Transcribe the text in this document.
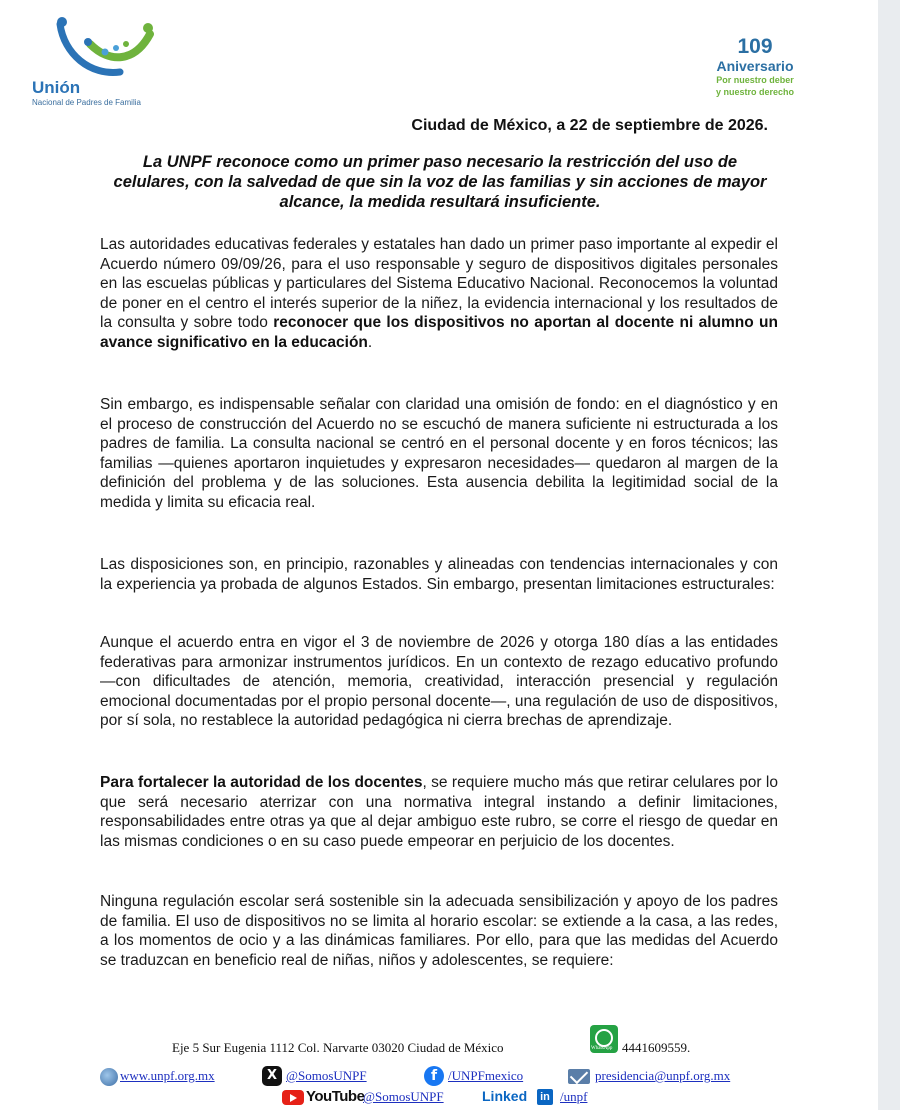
Unión
Nacional de Padres de Familia
109
Aniversario
Por nuestro deber
y nuestro derecho
Ciudad de México, a 22 de septiembre de 2026.
La UNPF reconoce como un primer paso necesario la restricción del uso de celulares, con la salvedad de que sin la voz de las familias y sin acciones de mayor alcance, la medida resultará insuficiente.
Las autoridades educativas federales y estatales han dado un primer paso importante al expedir el Acuerdo número 09/09/26, para el uso responsable y seguro de dispositivos digitales personales en las escuelas públicas y particulares del Sistema Educativo Nacional. Reconocemos la voluntad de poner en el centro el interés superior de la niñez, la evidencia internacional y los resultados de la consulta y sobre todo reconocer que los dispositivos no aportan al docente ni alumno un avance significativo en la educación.
Sin embargo, es indispensable señalar con claridad una omisión de fondo: en el diagnóstico y en el proceso de construcción del Acuerdo no se escuchó de manera suficiente ni estructurada a los padres de familia. La consulta nacional se centró en el personal docente y en foros técnicos; las familias —quienes aportaron inquietudes y expresaron necesidades— quedaron al margen de la definición del problema y de las soluciones. Esta ausencia debilita la legitimidad social de la medida y limita su eficacia real.
Las disposiciones son, en principio, razonables y alineadas con tendencias internacionales y con la experiencia ya probada de algunos Estados. Sin embargo, presentan limitaciones estructurales:
Aunque el acuerdo entra en vigor el 3 de noviembre de 2026 y otorga 180 días a las entidades federativas para armonizar instrumentos jurídicos. En un contexto de rezago educativo profundo —con dificultades de atención, memoria, creatividad, interacción presencial y regulación emocional documentadas por el propio personal docente—, una regulación de uso de dispositivos, por sí sola, no restablece la autoridad pedagógica ni cierra brechas de aprendizaje.
Para fortalecer la autoridad de los docentes, se requiere mucho más que retirar celulares por lo que será necesario aterrizar con una normativa integral instando a definir limitaciones, responsabilidades entre otras ya que al dejar ambiguo este rubro, se corre el riesgo de quedar en las mismas condiciones o en su caso puede empeorar en perjuicio de los docentes.
Ninguna regulación escolar será sostenible sin la adecuada sensibilización y apoyo de los padres de familia. El uso de dispositivos no se limita al horario escolar: se extiende a la casa, a las redes, a los momentos de ocio y a las dinámicas familiares. Por ello, para que las medidas del Acuerdo se traduzcan en beneficio real de niñas, niños y adolescentes, se requiere:
Eje 5 Sur Eugenia 1112 Col. Narvarte 03020 Ciudad de México	WhatsApp 4441609559.
www.unpf.org.mx	X @SomosUNPF	f /UNPFmexico	presidencia@unpf.org.mx
YouTube
@SomosUNPF	Linked in /unpf
